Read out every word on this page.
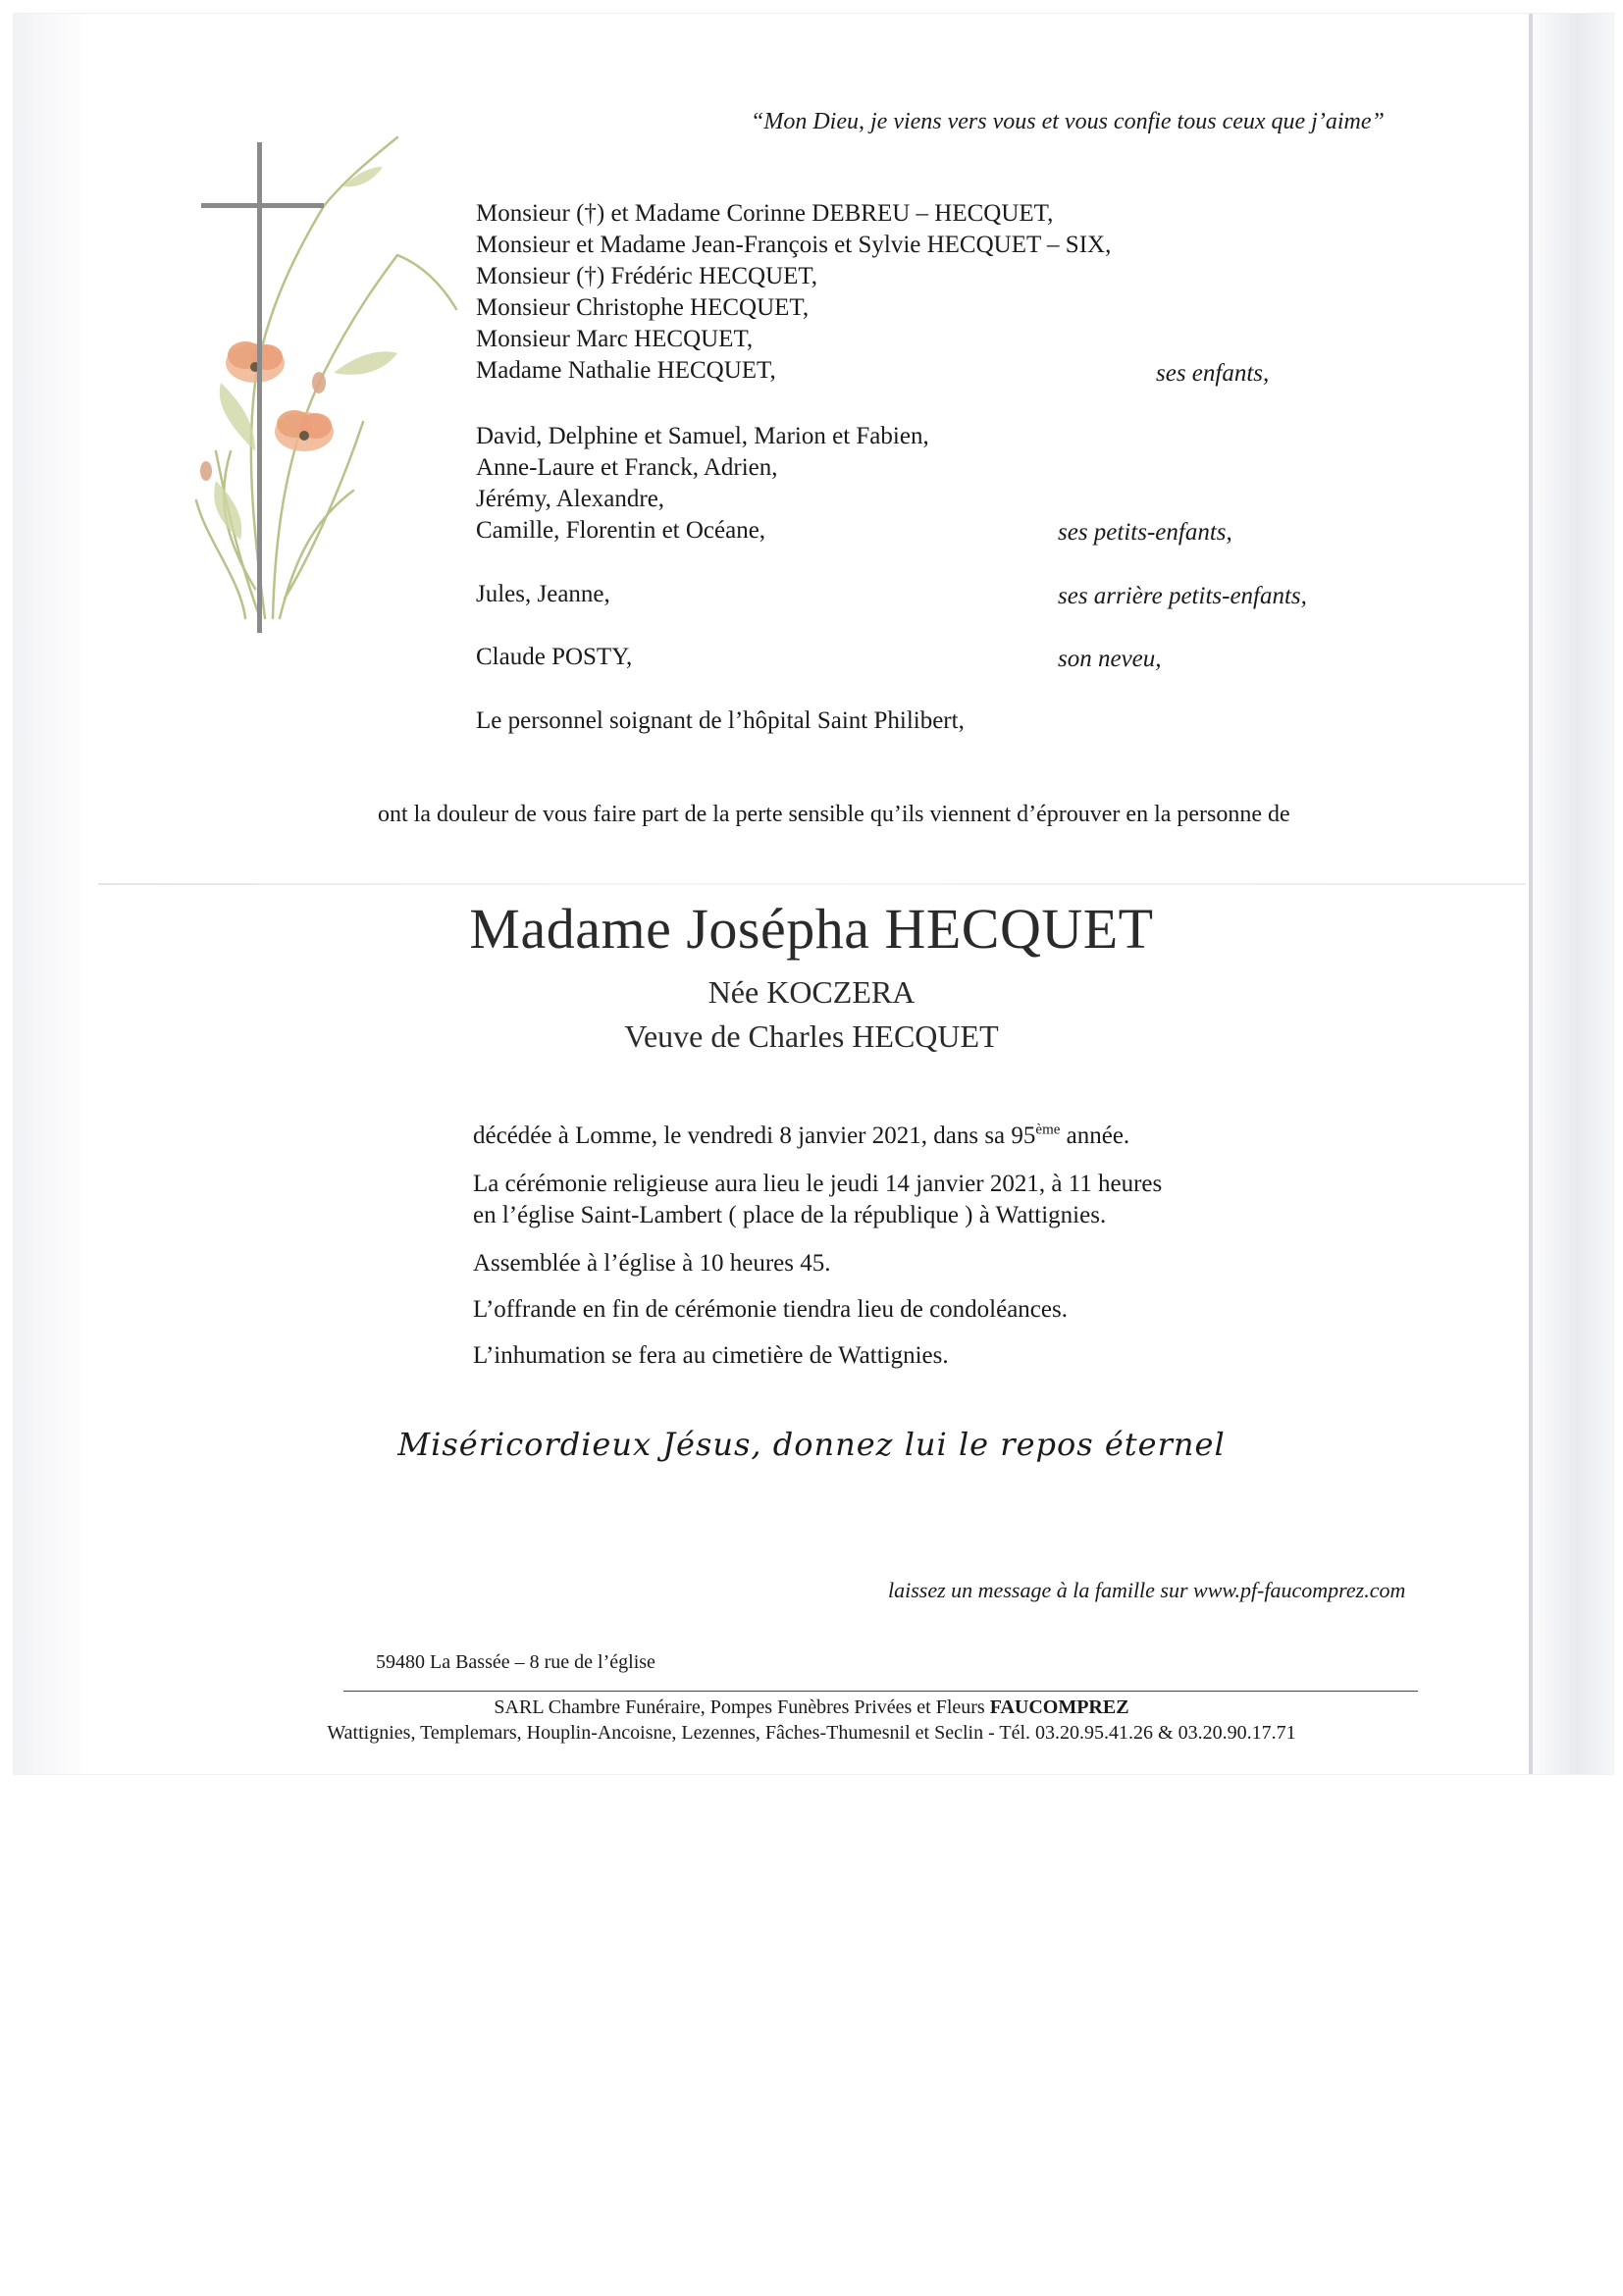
“Mon Dieu, je viens vers vous et vous confie tous ceux que j’aime”
Monsieur (†) et Madame Corinne DEBREU – HECQUET,
Monsieur et Madame Jean-François et Sylvie HECQUET – SIX,
Monsieur (†) Frédéric HECQUET,
Monsieur Christophe HECQUET,
Monsieur Marc HECQUET,
Madame Nathalie HECQUET,	ses enfants,
David, Delphine et Samuel, Marion et Fabien,
Anne-Laure et Franck, Adrien,
Jérémy, Alexandre,
Camille, Florentin et Océane,	ses petits-enfants,
Jules, Jeanne,	ses arrière petits-enfants,
Claude POSTY,	son neveu,
Le personnel soignant de l’hôpital Saint Philibert,
ont la douleur de vous faire part de la perte sensible qu’ils viennent d’éprouver en la personne de
Madame Josépha HECQUET
Née KOCZERA
Veuve de Charles HECQUET
décédée à Lomme, le vendredi 8 janvier 2021, dans sa 95ème année.
La cérémonie religieuse aura lieu le jeudi 14 janvier 2021, à 11 heures
en l’église Saint-Lambert ( place de la république ) à Wattignies.
Assemblée à l’église à 10 heures 45.
L’offrande en fin de cérémonie tiendra lieu de condoléances.
L’inhumation se fera au cimetière de Wattignies.
Miséricordieux Jésus, donnez lui le repos éternel
laissez un message à la famille sur www.pf-faucomprez.com
59480 La Bassée – 8 rue de l’église
SARL Chambre Funéraire, Pompes Funèbres Privées et Fleurs FAUCOMPREZ
Wattignies, Templemars, Houplin-Ancoisne, Lezennes, Fâches-Thumesnil et Seclin - Tél. 03.20.95.41.26 & 03.20.90.17.71
